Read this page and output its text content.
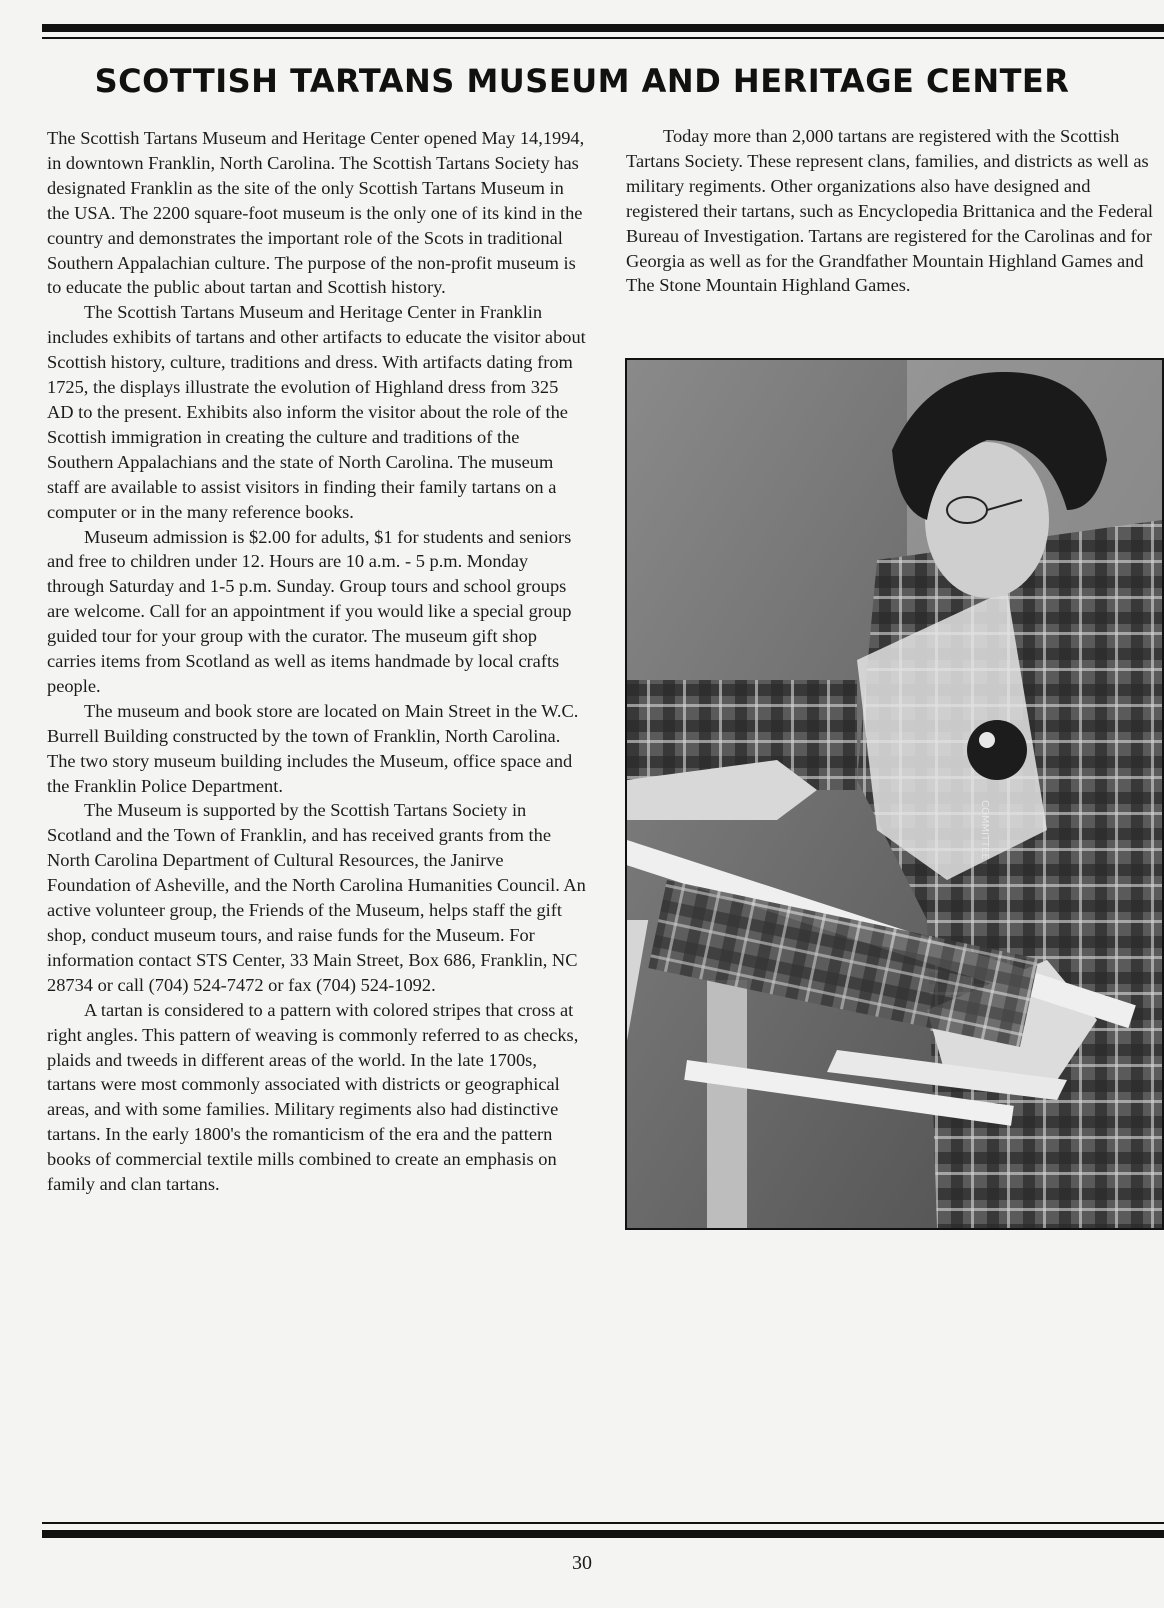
SCOTTISH TARTANS MUSEUM AND HERITAGE CENTER

The Scottish Tartans Museum and Heritage Center opened May 14,1994, in downtown Franklin, North Carolina. The Scottish Tartans Society has designated Franklin as the site of the only Scottish Tartans Museum in the USA. The 2200 square-foot museum is the only one of its kind in the country and demonstrates the important role of the Scots in traditional Southern Appalachian culture. The purpose of the non-profit museum is to educate the public about tartan and Scottish history.

The Scottish Tartans Museum and Heritage Center in Franklin includes exhibits of tartans and other artifacts to educate the visitor about Scottish history, culture, traditions and dress. With artifacts dating from 1725, the displays illustrate the evolution of Highland dress from 325 AD to the present. Exhibits also inform the visitor about the role of the Scottish immigration in creating the culture and traditions of the Southern Appalachians and the state of North Carolina. The museum staff are available to assist visitors in finding their family tartans on a computer or in the many reference books.

Museum admission is $2.00 for adults, $1 for students and seniors and free to children under 12. Hours are 10 a.m. - 5 p.m. Monday through Saturday and 1-5 p.m. Sunday. Group tours and school groups are welcome. Call for an appointment if you would like a special group guided tour for your group with the curator. The museum gift shop carries items from Scotland as well as items handmade by local crafts people.

The museum and book store are located on Main Street in the W.C. Burrell Building constructed by the town of Franklin, North Carolina. The two story museum building includes the Museum, office space and the Franklin Police Department.

The Museum is supported by the Scottish Tartans Society in Scotland and the Town of Franklin, and has received grants from the North Carolina Department of Cultural Resources, the Janirve Foundation of Asheville, and the North Carolina Humanities Council. An active volunteer group, the Friends of the Museum, helps staff the gift shop, conduct museum tours, and raise funds for the Museum. For information contact STS Center, 33 Main Street, Box 686, Franklin, NC 28734 or call (704) 524-7472 or fax (704) 524-1092.

A tartan is considered to a pattern with colored stripes that cross at right angles. This pattern of weaving is commonly referred to as checks, plaids and tweeds in different areas of the world. In the late 1700s, tartans were most commonly associated with districts or geographical areas, and with some families. Military regiments also had distinctive tartans. In the early 1800's the romanticism of the era and the pattern books of commercial textile mills combined to create an emphasis on family and clan tartans.

Today more than 2,000 tartans are registered with the Scottish Tartans Society. These represent clans, families, and districts as well as military regiments. Other organizations also have designed and registered their tartans, such as Encyclopedia Brittanica and the Federal Bureau of Investigation. Tartans are registered for the Carolinas and for Georgia as well as for the Grandfather Mountain Highland Games and The Stone Mountain Highland Games.

COMMITTEE
30
